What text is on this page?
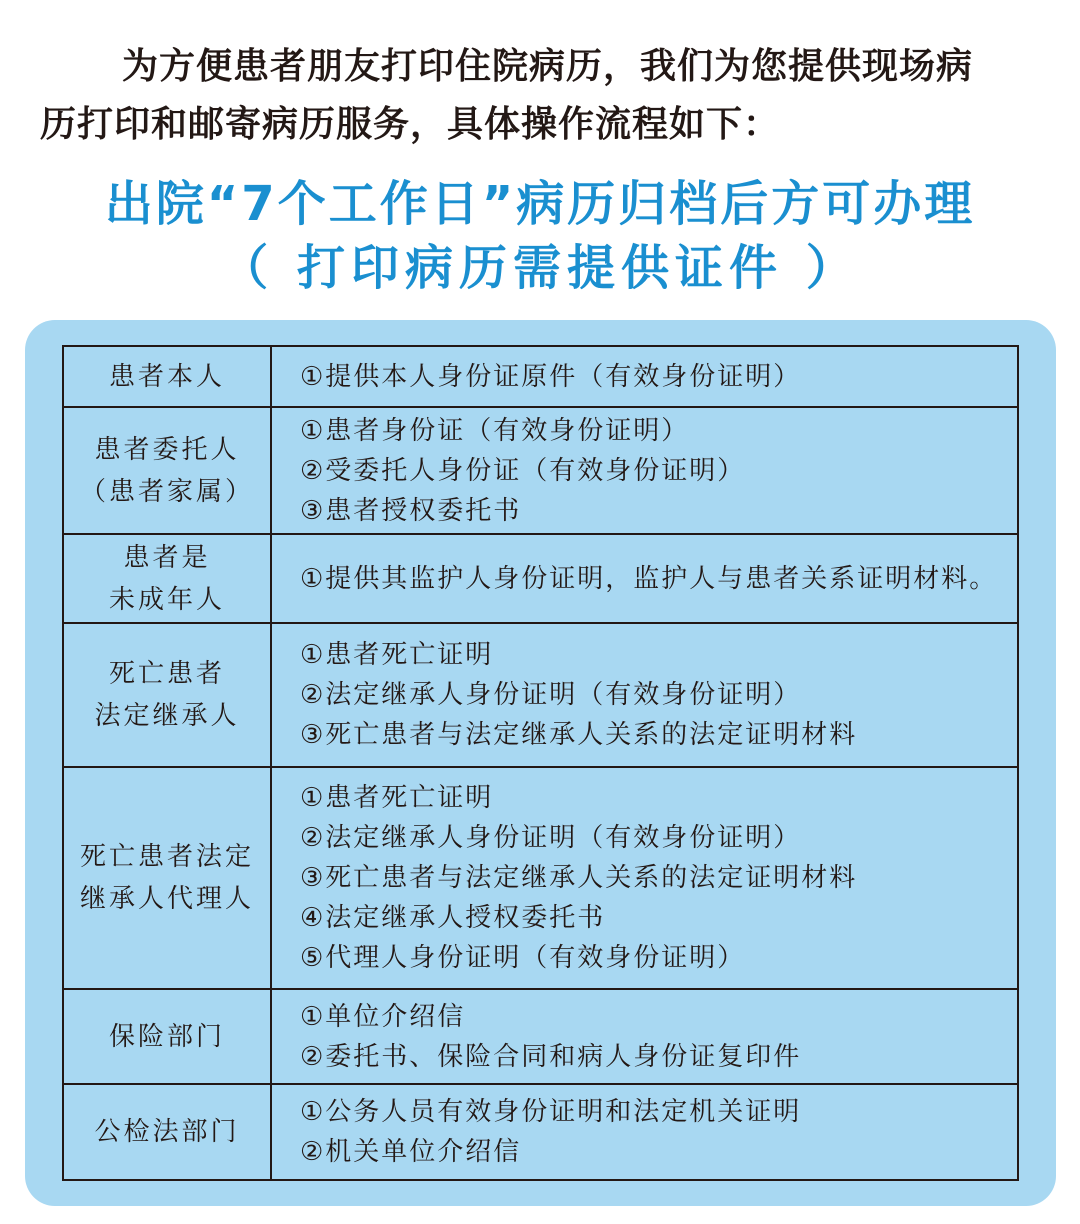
为方便患者朋友打印住院病历，我们为您提供现场病
历打印和邮寄病历服务，具体操作流程如下：
出院“7个工作日”病历归档后方可办理
（ 打印病历需提供证件 ）
患者本人	①提供本人身份证原件（有效身份证明）

患者委托人
（患者家属）	①患者身份证（有效身份证明）
②受委托人身份证（有效身份证明）
③患者授权委托书

患者是
未成年人	①提供其监护人身份证明，监护人与患者关系证明材料。

死亡患者
法定继承人	①患者死亡证明
②法定继承人身份证明（有效身份证明）
③死亡患者与法定继承人关系的法定证明材料

死亡患者法定
继承人代理人	①患者死亡证明
②法定继承人身份证明（有效身份证明）
③死亡患者与法定继承人关系的法定证明材料
④法定继承人授权委托书
⑤代理人身份证明（有效身份证明）

保险部门	①单位介绍信
②委托书、保险合同和病人身份证复印件

公检法部门	①公务人员有效身份证明和法定机关证明
②机关单位介绍信
